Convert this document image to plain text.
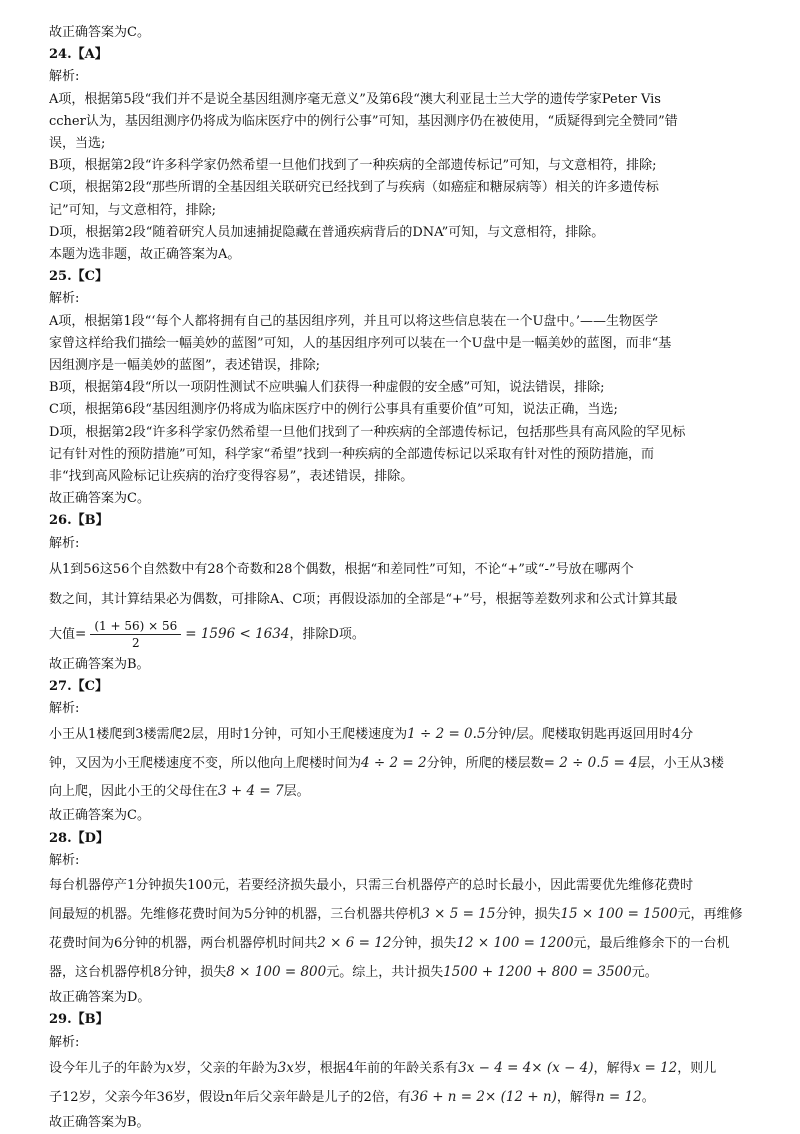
故正确答案为C。
24.【A】
解析:
A项，根据第5段“我们并不是说全基因组测序毫无意义”及第6段“澳大利亚昆士兰大学的遗传学家Peter Vis
ccher认为，基因组测序仍将成为临床医疗中的例行公事”可知，基因测序仍在被使用，“质疑得到完全赞同”错
误，当选;
B项，根据第2段“许多科学家仍然希望一旦他们找到了一种疾病的全部遗传标记”可知，与文意相符，排除;
C项，根据第2段“那些所谓的全基因组关联研究已经找到了与疾病（如癌症和糖尿病等）相关的许多遗传标
记”可知，与文意相符，排除;
D项，根据第2段“随着研究人员加速捕捉隐藏在普通疾病背后的DNA”可知，与文意相符，排除。
本题为选非题，故正确答案为A。
25.【C】
解析:
A项，根据第1段“‘每个人都将拥有自己的基因组序列，并且可以将这些信息装在一个U盘中。’——生物医学
家曾这样给我们描绘一幅美妙的蓝图”可知，人的基因组序列可以装在一个U盘中是一幅美妙的蓝图，而非“基
因组测序是一幅美妙的蓝图”，表述错误，排除;
B项，根据第4段“所以一项阴性测试不应哄骗人们获得一种虚假的安全感”可知，说法错误，排除;
C项，根据第6段“基因组测序仍将成为临床医疗中的例行公事具有重要价值”可知，说法正确，当选;
D项，根据第2段“许多科学家仍然希望一旦他们找到了一种疾病的全部遗传标记，包括那些具有高风险的罕见标
记有针对性的预防措施”可知，科学家“希望”找到一种疾病的全部遗传标记以采取有针对性的预防措施，而
非“找到高风险标记让疾病的治疗变得容易”，表述错误，排除。
故正确答案为C。
26.【B】
解析:
从1到56这56个自然数中有28个奇数和28个偶数，根据“和差同性”可知，不论“+”或“-”号放在哪两个
数之间，其计算结果必为偶数，可排除A、C项；再假设添加的全部是“+”号，根据等差数列求和公式计算其最
大值= $\frac{(1 + 56) \times 56}{2} = 1596 < 1634$，排除D项。
故正确答案为B。
27.【C】
解析:
小王从1楼爬到3楼需爬2层，用时1分钟，可知小王爬楼速度为1 ÷ 2 = 0.5分钟/层。爬楼取钥匙再返回用时4分
钟，又因为小王爬楼速度不变，所以他向上爬楼时间为4 ÷ 2 = 2分钟，所爬的楼层数= 2 ÷ 0.5 = 4层，小王从3楼
向上爬，因此小王的父母住在3 + 4 = 7层。
故正确答案为C。
28.【D】
解析:
每台机器停产1分钟损失100元，若要经济损失最小，只需三台机器停产的总时长最小，因此需要优先维修花费时
间最短的机器。先维修花费时间为5分钟的机器，三台机器共停机3 × 5 = 15分钟，损失15 × 100 = 1500元，再维修
花费时间为6分钟的机器，两台机器停机时间共2 × 6 = 12分钟，损失12 × 100 = 1200元，最后维修余下的一台机
器，这台机器停机8分钟，损失8 × 100 = 800元。综上，共计损失1500 + 1200 + 800 = 3500元。
故正确答案为D。
29.【B】
解析:
设今年儿子的年龄为x岁，父亲的年龄为3x岁，根据4年前的年龄关系有3x − 4 = 4× (x − 4)，解得x = 12，则儿
子12岁，父亲今年36岁，假设n年后父亲年龄是儿子的2倍，有36 + n = 2× (12 + n)，解得n = 12。
故正确答案为B。
